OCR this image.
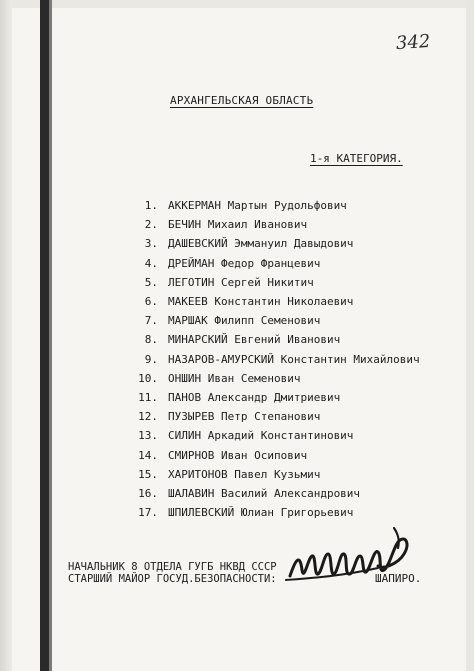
342
АРХАНГЕЛЬСКАЯ ОБЛАСТЬ
1-я КАТЕГОРИЯ.
1. АККЕРМАН Мартын Рудольфович
2. БЕЧИН Михаил Иванович
3. ДАШЕВСКИЙ Эммануил Давыдович
4. ДРЕЙМАН Федор Францевич
5. ЛЕГОТИН Сергей Никитич
6. МАКЕЕВ Константин Николаевич
7. МАРШАК Филипп Семенович
8. МИНАРСКИЙ Евгений Иванович
9. НАЗАРОВ-АМУРСКИЙ Константин Михайлович
10. ОНШИН Иван Семенович
11. ПАНОВ Александр Дмитриевич
12. ПУЗЫРЕВ Петр Степанович
13. СИЛИН Аркадий Константинович
14. СМИРНОВ Иван Осипович
15. ХАРИТОНОВ Павел Кузьмич
16. ШАЛАВИН Василий Александрович
17. ШПИЛЕВСКИЙ Юлиан Григорьевич
НАЧАЛЬНИК 8 ОТДЕЛА ГУГБ НКВД СССР
СТАРШИЙ МАЙОР ГОСУД.БЕЗОПАСНОСТИ:	ШАПИРО.
